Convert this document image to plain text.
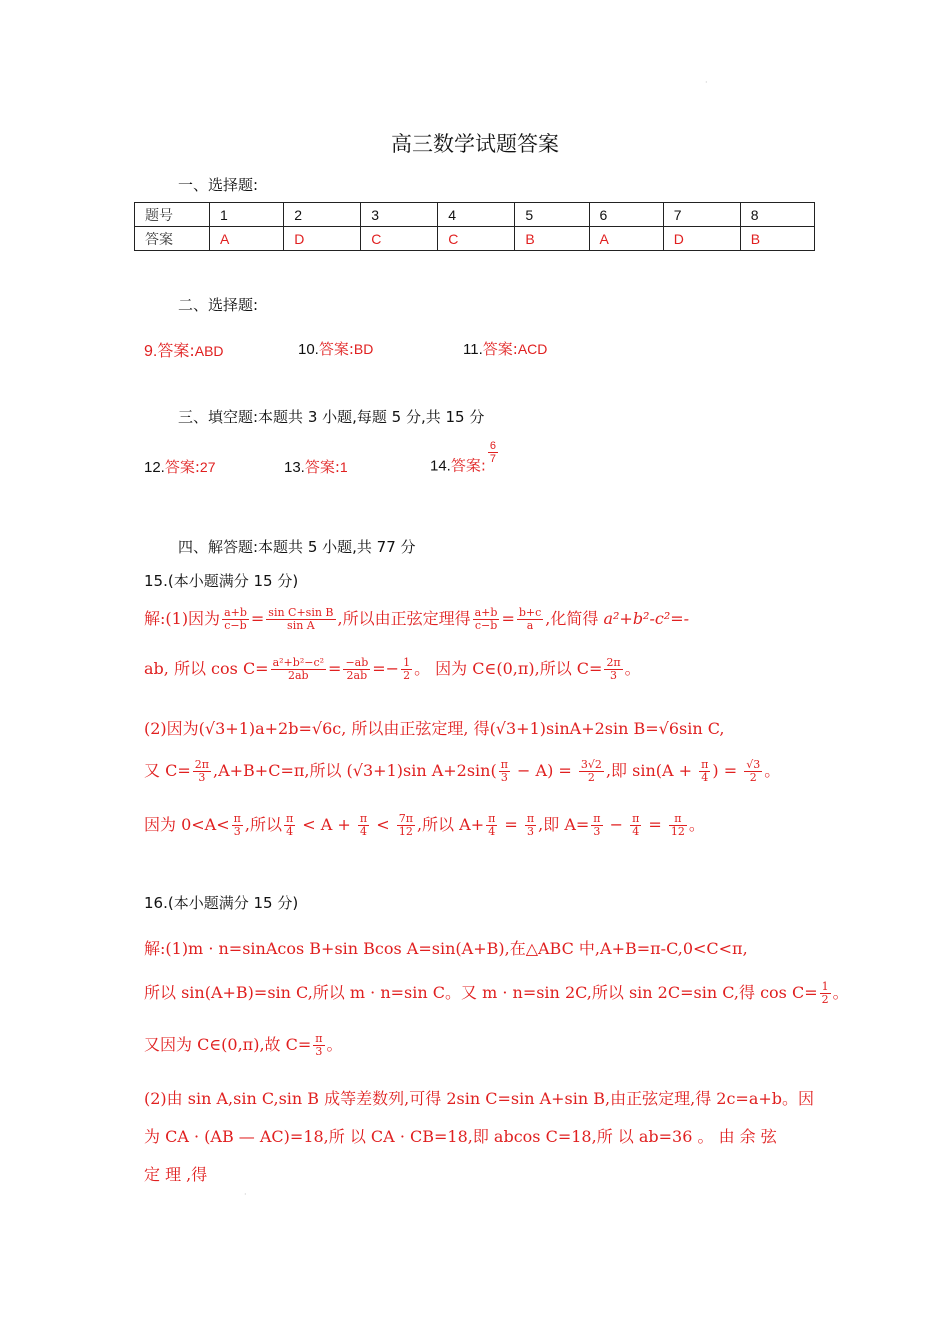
·
高三数学试题答案
一、选择题:
题号	1	2	3	4	5	6	7	8
答案	A	D	C	C	B	A	D	B
二、选择题:
9.答案:ABD	10.答案:BD	11.答案:ACD
三、填空题:本题共 3 小题,每题 5 分,共 15 分
12.答案:27	13.答案:1	14.答案:
$\frac{6}{7}$
四、解答题:本题共 5 小题,共 77 分
15.(本小题满分 15 分)
解:(1)因为 $\frac{a+b}{c-b} = \frac{\text{sin C+sin B}}{\text{sin A}}$ ,所以由正弦定理得 $\frac{a+b}{c-b} = \frac{b+c}{a}$ ,化简得 a²+b²-c²=-
ab, 所以 $\cos C= \frac{\text{a²+b²−c²}}{2ab} = \frac{-ab}{2ab} =- \frac{1}{2}$ 。 因为 C∈(0,π),所以 $C= \frac{2\pi}{3}$ 。
(2)因为(√3+1)a+2b=√6c, 所以由正弦定理, 得(√3+1)sinA+2sin B=√6sin C,
又 $C= \frac{2\pi}{3} ,A+B+C=\pi$,所以 (√3+1)sin $A+2\sin( \frac{\pi}{3} - A) = \frac{3√2}{2}$ ,即 $\sin(A + \frac{\pi}{4}$ ) = $\frac{√3}{2}$ 。
因为 $0<A< \frac{\pi}{3}$ ,所以 $\frac{\pi}{4} < A + \frac{\pi}{4} < \frac{7\pi}{12}$ ,所以 $A+ \frac{\pi}{4} = \frac{\pi}{3}$ ,即 $A= \frac{\pi}{3} - \frac{\pi}{4} = \frac{\pi}{12}$ 。
16.(本小题满分 15 分)
解:(1)m · n=sinAcos B+sin Bcos A=sin(A+B),在△ABC 中,A+B=π-C,0<C<π,
所以 sin(A+B)=sin C,所以 m · n=sin C。又 m · n=sin 2C,所以 sin 2C=sin C,得 $\cos C= \frac{1}{2}$ 。
又因为 C∈(0,π),故 $C= \frac{\pi}{3}$ 。
(2)由 sin A,sin C,sin B 成等差数列,可得 2sin C=sin A+sin B,由正弦定理,得 2c=a+b。因
为 CA · (AB — AC)=18,所 以 CA · CB=18,即 abcos C=18,所 以 ab=36 。 由 余 弦
定 理 ,得
·
